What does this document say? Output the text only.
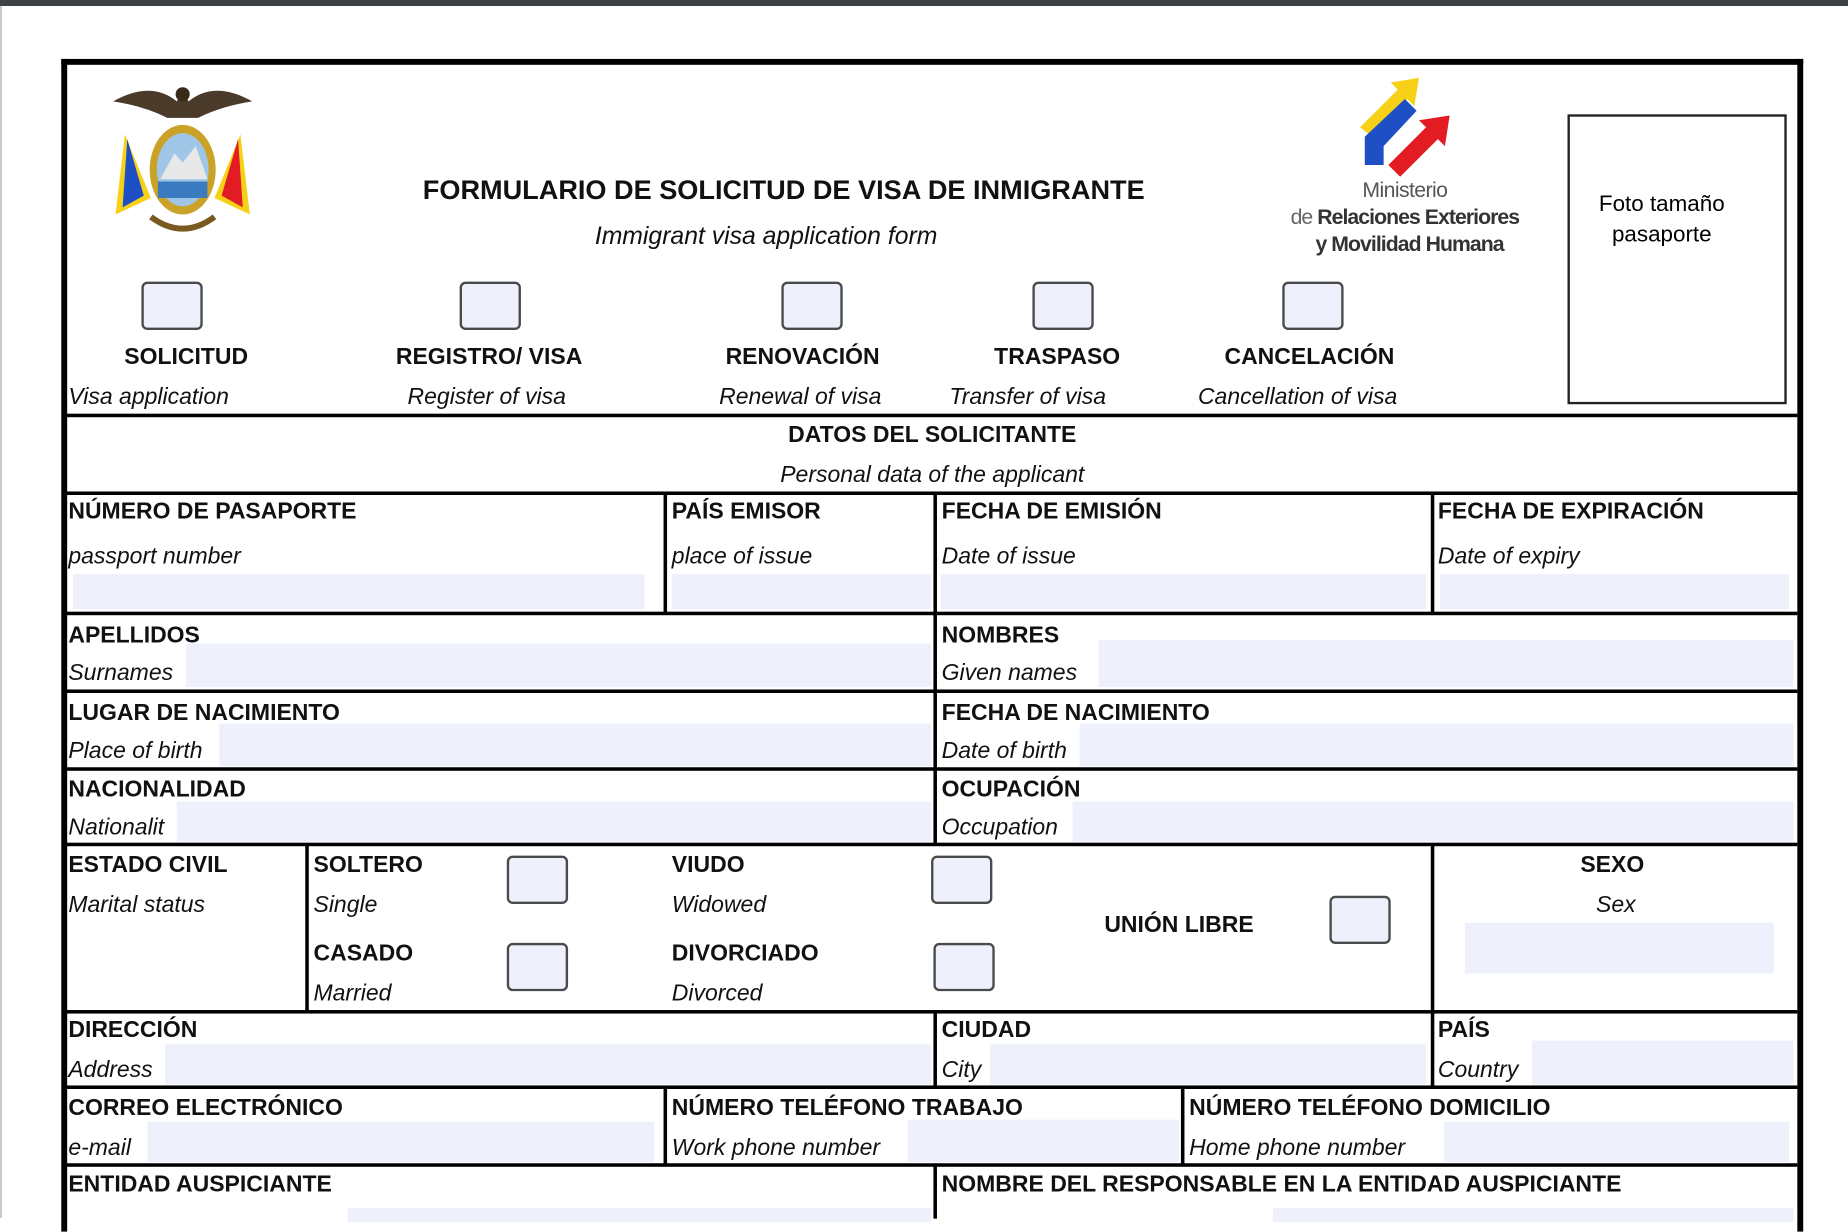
FORMULARIO DE SOLICITUD DE VISA DE INMIGRANTE
Immigrant visa application form
Ministerio
de Relaciones Exteriores
y Movilidad Humana
Foto tamaño
pasaporte
SOLICITUD
Visa application
REGISTRO/ VISA
Register of visa
RENOVACIÓN
Renewal of visa
TRASPASO
Transfer of visa
CANCELACIÓN
Cancellation of visa
DATOS DEL SOLICITANTE
Personal data of the applicant
NÚMERO DE PASAPORTE
passport number
PAÍS EMISOR
place of issue
FECHA DE EMISIÓN
Date of issue
FECHA DE EXPIRACIÓN
Date of expiry
APELLIDOS
Surnames
NOMBRES
Given names
LUGAR DE NACIMIENTO
Place of birth
FECHA DE NACIMIENTO
Date of birth
NACIONALIDAD
Nationalit
OCUPACIÓN
Occupation
DIRECCIÓN
Address
CIUDAD
City
PAÍS
Country
CORREO ELECTRÓNICO
e-mail
NÚMERO TELÉFONO TRABAJO
Work phone number
NÚMERO TELÉFONO DOMICILIO
Home phone number
ENTIDAD AUSPICIANTE	NOMBRE DEL RESPONSABLE EN LA ENTIDAD AUSPICIANTE
ESTADO CIVIL
Marital status
SOLTERO
Single
VIUDO
Widowed
CASADO
Married
DIVORCIADO
Divorced
UNIÓN LIBRE
SEXO
Sex
